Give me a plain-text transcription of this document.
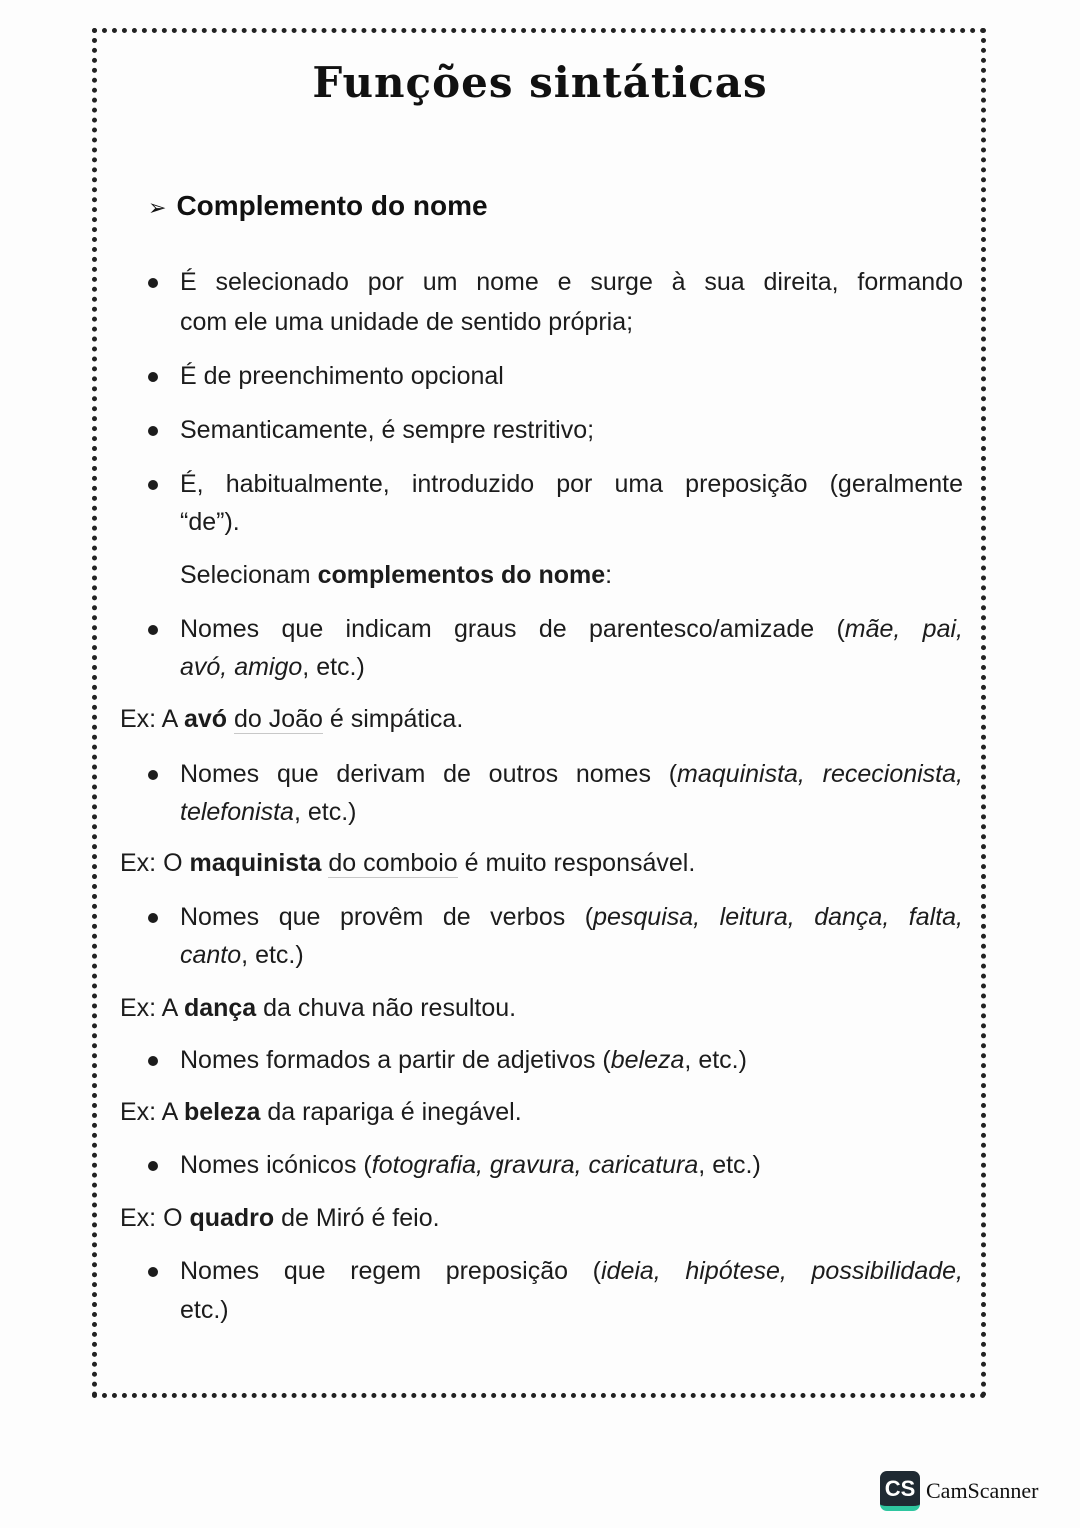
Funções sintáticas
➢ Complemento do nome
É selecionado por um nome e surge à sua direita, formando
com ele uma unidade de sentido própria;
É de preenchimento opcional
Semanticamente, é sempre restritivo;
É, habitualmente, introduzido por uma preposição (geralmente
“de”).
Selecionam complementos do nome:
Nomes que indicam graus de parentesco/amizade (mãe, pai,
avó, amigo, etc.)
Ex: A avó do João é simpática.
Nomes que derivam de outros nomes (maquinista, rececionista,
telefonista, etc.)
Ex: O maquinista do comboio é muito responsável.
Nomes que provêm de verbos (pesquisa, leitura, dança, falta,
canto, etc.)
Ex: A dança da chuva não resultou.
Nomes formados a partir de adjetivos (beleza, etc.)
Ex: A beleza da rapariga é inegável.
Nomes icónicos (fotografia, gravura, caricatura, etc.)
Ex: O quadro de Miró é feio.
Nomes que regem preposição (ideia, hipótese, possibilidade,
etc.)
CS CamScanner
